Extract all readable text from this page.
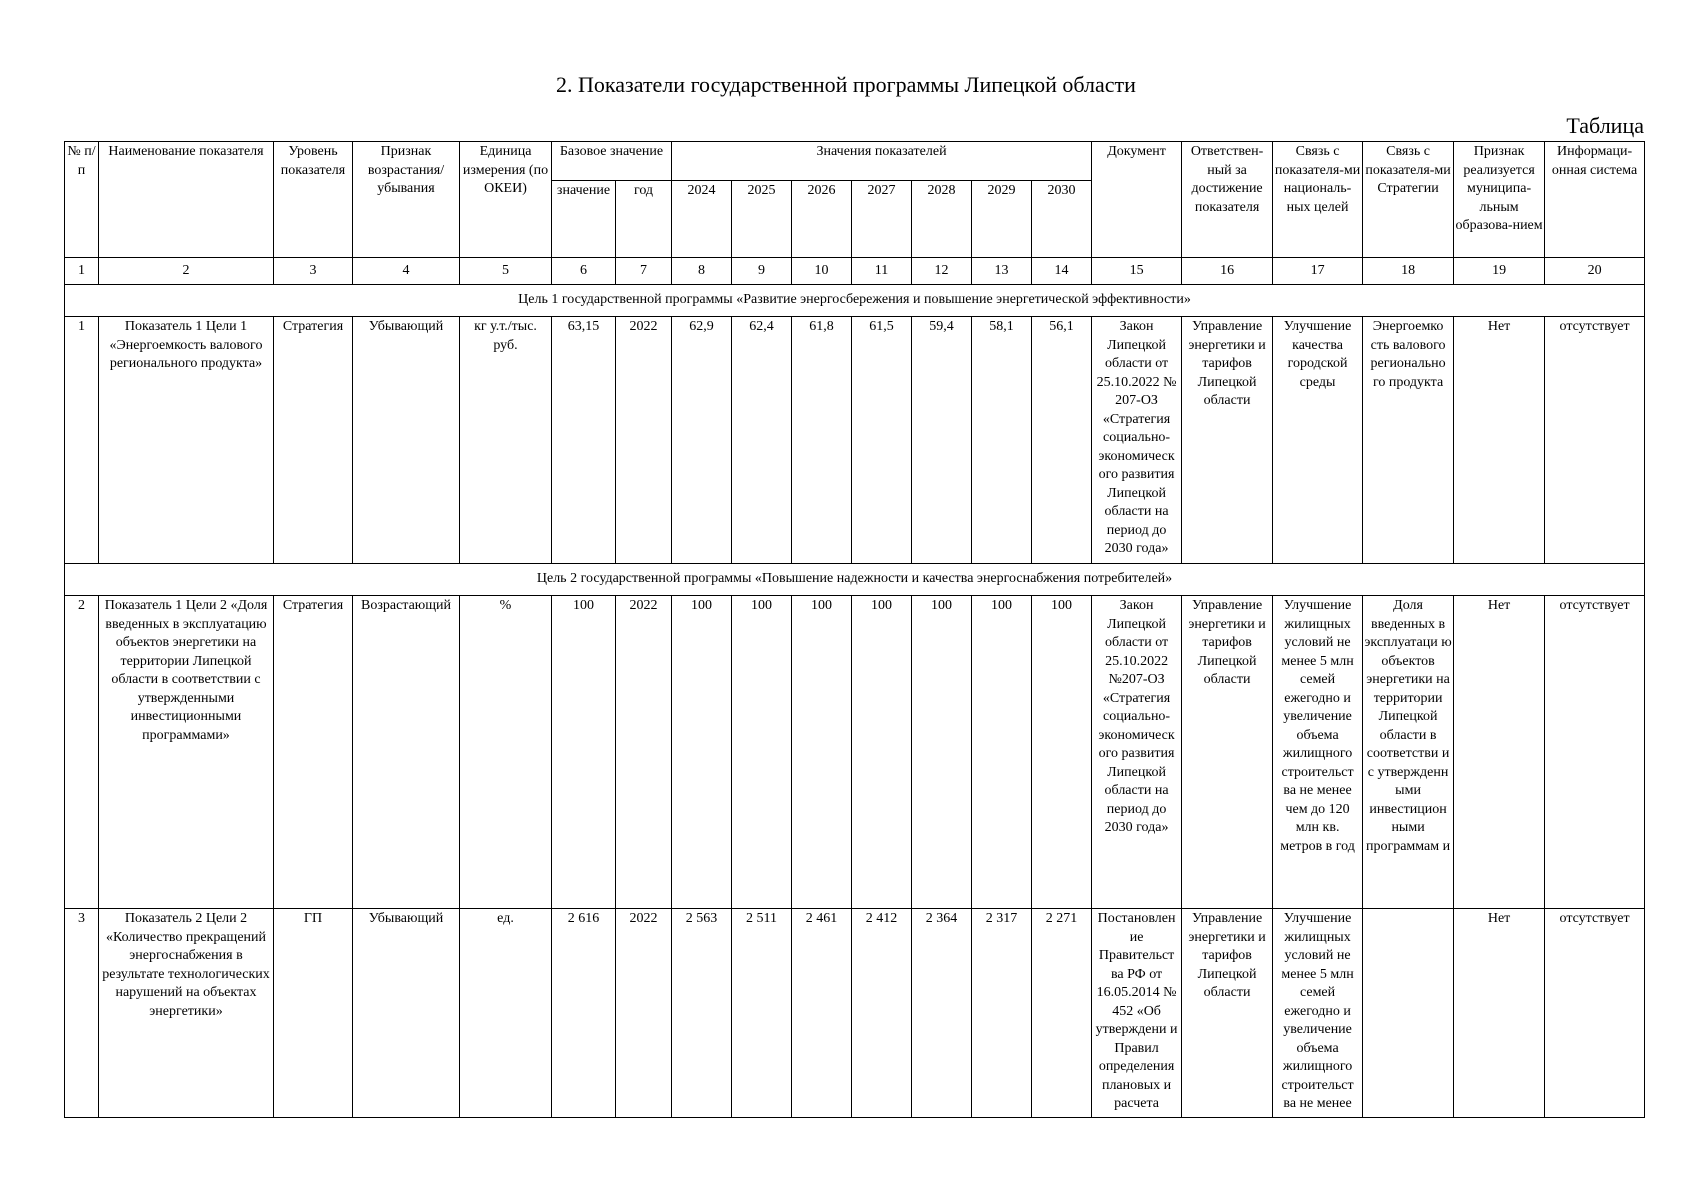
2. Показатели государственной программы Липецкой области
Таблица
№ п/п	Наименование показателя	Уровень показателя	Признак возрастания/ убывания	Единица измерения (по ОКЕИ)	Базовое значение		Значения показателей							Документ	Ответствен-ный за достижение показателя	Связь с показателя-ми националь-ных целей	Связь с показателя-ми Стратегии	Признак реализуется муниципа-льным образова-нием	Информаци-онная система
					значение	год	2024	2025	2026	2027	2028	2029	2030						
1	2	3	4	5	6	7	8	9	10	11	12	13	14	15	16	17	18	19	20
Цель 1 государственной программы «Развитие энергосбережения и повышение энергетической эффективности»																			
1	Показатель 1 Цели 1 «Энергоемкость валового регионального продукта»	Стратегия	Убывающий	кг у.т./тыс. руб.	63,15	2022	62,9	62,4	61,8	61,5	59,4	58,1	56,1	Закон Липецкой области от 25.10.2022 № 207-ОЗ «Стратегия социально-экономическ ого развития Липецкой области на период до 2030 года»	Управление энергетики и тарифов Липецкой области	Улучшение качества городской среды	Энергоемко сть валового регионально го продукта	Нет	отсутствует
Цель 2 государственной программы «Повышение надежности и качества энергоснабжения потребителей»																			
2	Показатель 1 Цели 2 «Доля введенных в эксплуатацию объектов энергетики на территории Липецкой области в соответствии с утвержденными инвестиционными программами»	Стратегия	Возрастающий	%	100	2022	100	100	100	100	100	100	100	Закон Липецкой области от 25.10.2022 №207-ОЗ «Стратегия социально-экономическ ого развития Липецкой области на период до 2030 года»	Управление энергетики и тарифов Липецкой области	Улучшение жилищных условий не менее 5 млн семей ежегодно и увеличение объема жилищного строительст ва не менее чем до 120 млн кв. метров в год	Доля введенных в эксплуатаци ю объектов энергетики на территории Липецкой области в соответстви и с утвержденн ыми инвестицион ными программам и	Нет	отсутствует
3	Показатель 2 Цели 2 «Количество прекращений энергоснабжения в результате технологических нарушений на объектах энергетики»	ГП	Убывающий	ед.	2 616	2022	2 563	2 511	2 461	2 412	2 364	2 317	2 271	Постановлен ие Правительст ва РФ от 16.05.2014 № 452 «Об утверждени и Правил определения плановых и расчета	Управление энергетики и тарифов Липецкой области	Улучшение жилищных условий не менее 5 млн семей ежегодно и увеличение объема жилищного строительст ва не менее		Нет	отсутствует
